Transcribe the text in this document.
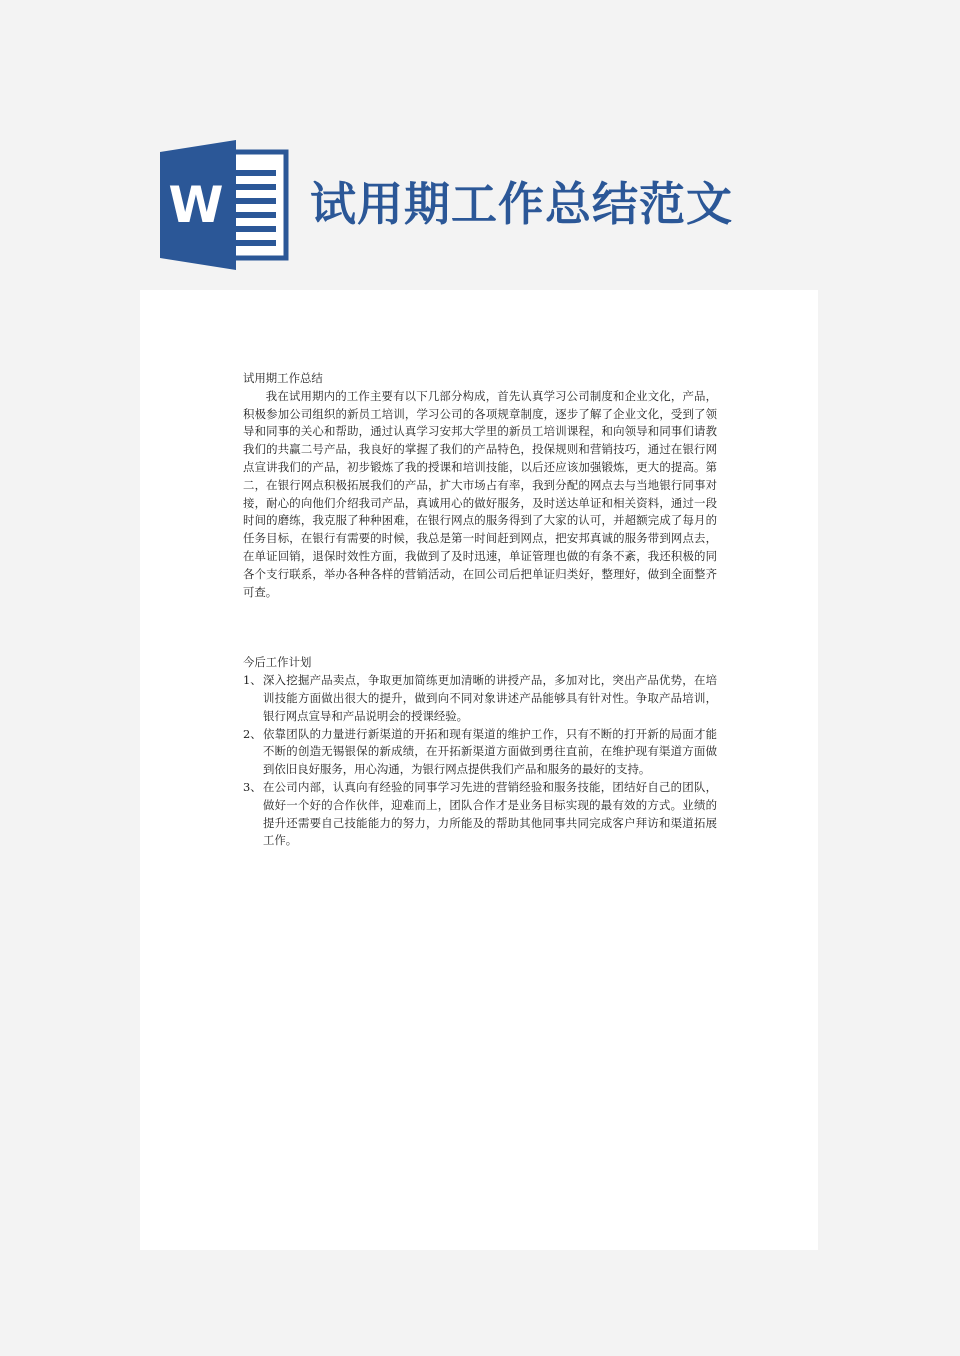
W 试用期工作总结范文

试用期工作总结

我在试用期内的工作主要有以下几部分构成，首先认真学习公司制度和企业文化，产品，积极参加公司组织的新员工培训，学习公司的各项规章制度，逐步了解了企业文化，受到了领导和同事的关心和帮助，通过认真学习安邦大学里的新员工培训课程，和向领导和同事们请教我们的共赢二号产品，我良好的掌握了我们的产品特色，投保规则和营销技巧，通过在银行网点宣讲我们的产品，初步锻炼了我的授课和培训技能，以后还应该加强锻炼，更大的提高。第二，在银行网点积极拓展我们的产品，扩大市场占有率，我到分配的网点去与当地银行同事对接，耐心的向他们介绍我司产品，真诚用心的做好服务，及时送达单证和相关资料，通过一段时间的磨练，我克服了种种困难，在银行网点的服务得到了大家的认可，并超额完成了每月的任务目标，在银行有需要的时候，我总是第一时间赶到网点，把安邦真诚的服务带到网点去，在单证回销，退保时效性方面，我做到了及时迅速，单证管理也做的有条不紊，我还积极的同各个支行联系，举办各种各样的营销活动，在回公司后把单证归类好，整理好，做到全面整齐可查。

今后工作计划

1、 深入挖掘产品卖点，争取更加简练更加清晰的讲授产品，多加对比，突出产品优势，在培训技能方面做出很大的提升，做到向不同对象讲述产品能够具有针对性。争取产品培训，银行网点宣导和产品说明会的授课经验。
2、 依靠团队的力量进行新渠道的开拓和现有渠道的维护工作，只有不断的打开新的局面才能不断的创造无锡银保的新成绩，在开拓新渠道方面做到勇往直前，在维护现有渠道方面做到依旧良好服务，用心沟通，为银行网点提供我们产品和服务的最好的支持。
3、 在公司内部，认真向有经验的同事学习先进的营销经验和服务技能，团结好自己的团队，做好一个好的合作伙伴，迎难而上，团队合作才是业务目标实现的最有效的方式。业绩的提升还需要自己技能能力的努力，力所能及的帮助其他同事共同完成客户拜访和渠道拓展工作。
